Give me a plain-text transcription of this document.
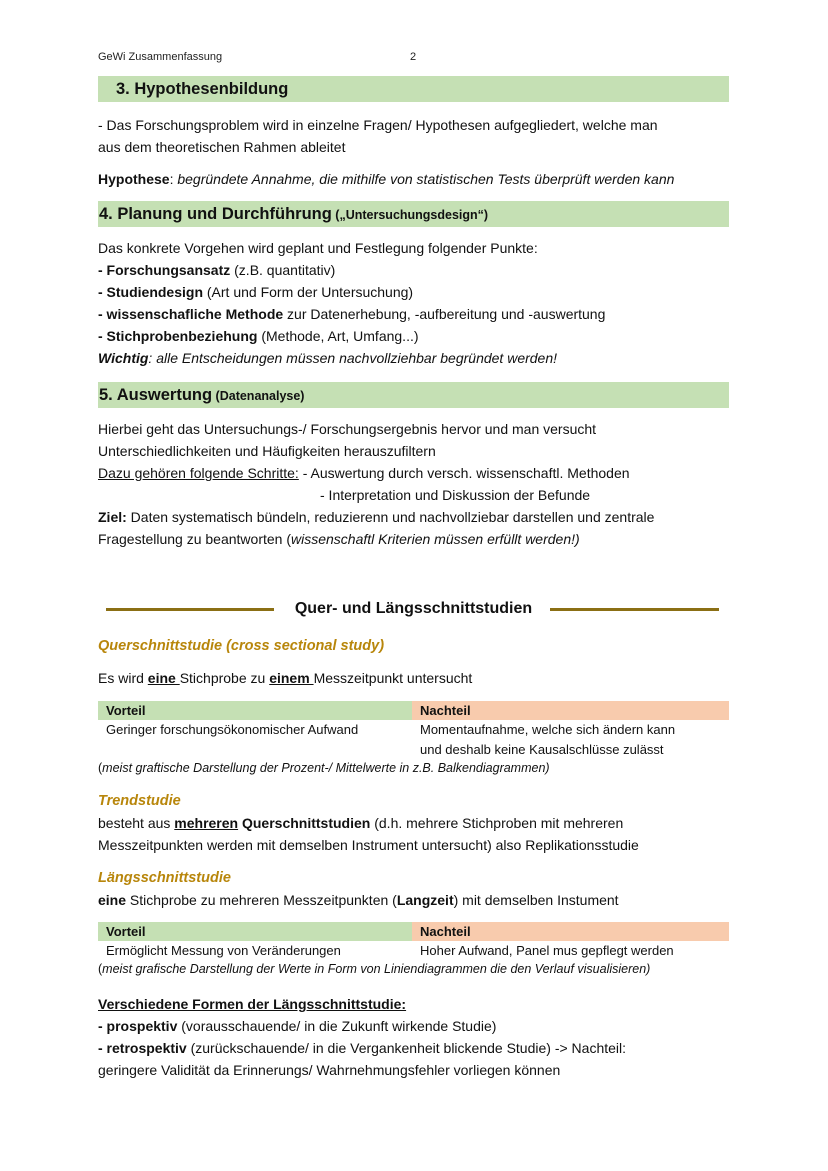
GeWi Zusammenfassung	2
3. Hypothesenbildung
- Das Forschungsproblem wird in einzelne Fragen/ Hypothesen aufgegliedert, welche man
aus dem theoretischen Rahmen ableitet
Hypothese: begründete Annahme, die mithilfe von statistischen Tests überprüft werden kann
4. Planung und Durchführung („Untersuchungsdesign“)
Das konkrete Vorgehen wird geplant und Festlegung folgender Punkte:
- Forschungsansatz (z.B. quantitativ)
- Studiendesign (Art und Form der Untersuchung)
- wissenschafliche Methode zur Datenerhebung, -aufbereitung und -auswertung
- Stichprobenbeziehung (Methode, Art, Umfang...)
Wichtig: alle Entscheidungen müssen nachvollziehbar begründet werden!
5. Auswertung (Datenanalyse)
Hierbei geht das Untersuchungs-/ Forschungsergebnis hervor und man versucht
Unterschiedlichkeiten und Häufigkeiten herauszufiltern
Dazu gehören folgende Schritte: - Auswertung durch versch. wissenschaftl. Methoden
- Interpretation und Diskussion der Befunde
Ziel: Daten systematisch bündeln, reduzierenn und nachvollziebar darstellen und zentrale
Fragestellung zu beantworten (wissenschaftl Kriterien müssen erfüllt werden!)
Quer- und Längsschnittstudien
Querschnittstudie (cross sectional study)
Es wird eine Stichprobe zu einem Messzeitpunkt untersucht
Vorteil	Nachteil
Geringer forschungsökonomischer Aufwand	Momentaufnahme, welche sich ändern kann
und deshalb keine Kausalschlüsse zulässt
(meist graftische Darstellung der Prozent-/ Mittelwerte in z.B. Balkendiagrammen)
Trendstudie
besteht aus mehreren Querschnittstudien (d.h. mehrere Stichproben mit mehreren
Messzeitpunkten werden mit demselben Instrument untersucht) also Replikationsstudie
Längsschnittstudie
eine Stichprobe zu mehreren Messzeitpunkten (Langzeit) mit demselben Instument
Vorteil	Nachteil
Ermöglicht Messung von Veränderungen	Hoher Aufwand, Panel mus gepflegt werden
(meist grafische Darstellung der Werte in Form von Liniendiagrammen die den Verlauf visualisieren)
Verschiedene Formen der Längsschnittstudie:
- prospektiv (vorausschauende/ in die Zukunft wirkende Studie)
- retrospektiv (zurückschauende/ in die Vergankenheit blickende Studie) -> Nachteil:
geringere Validität da Erinnerungs/ Wahrnehmungsfehler vorliegen können
